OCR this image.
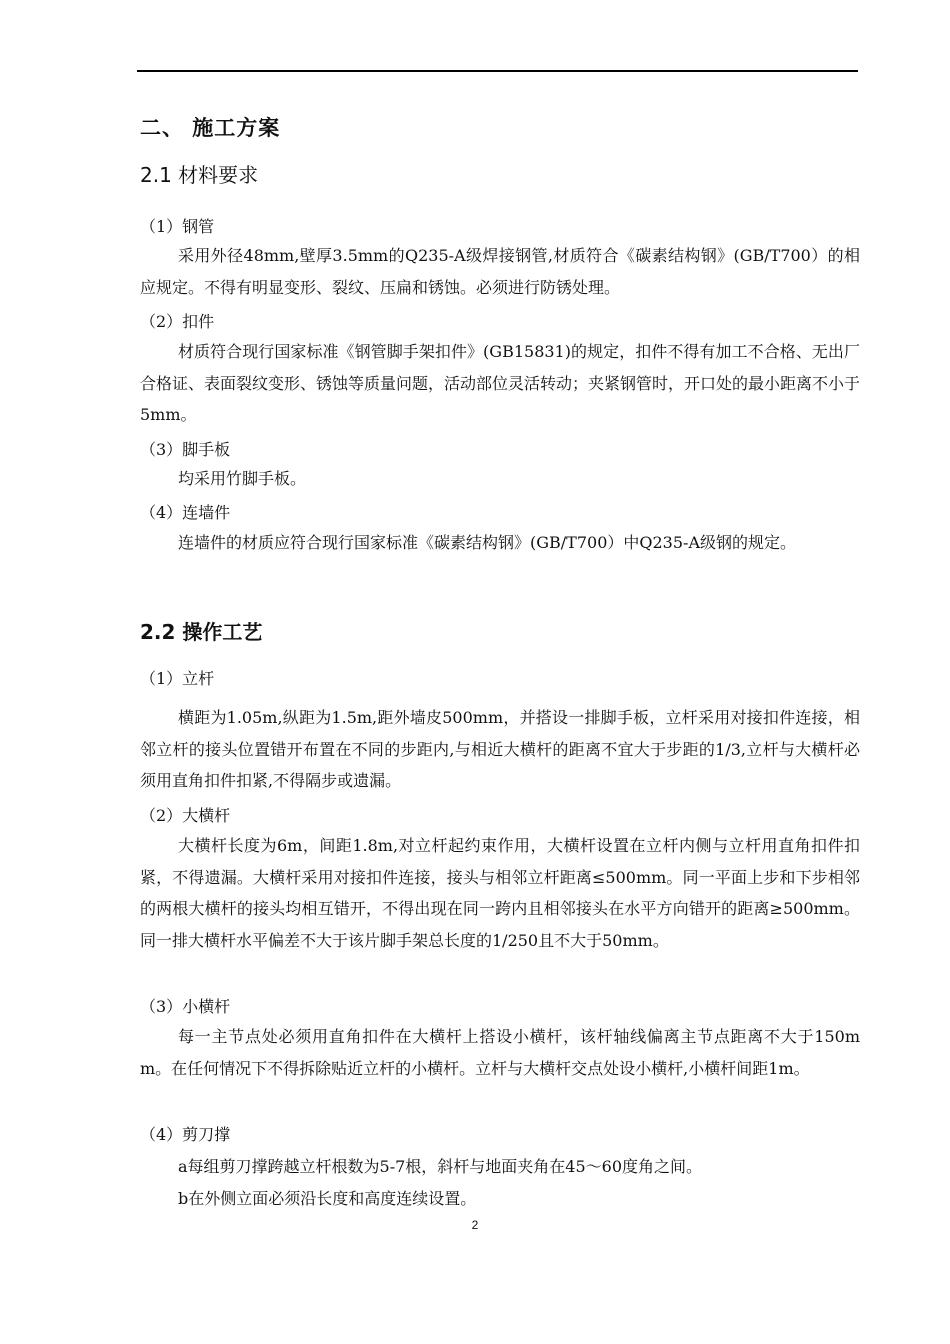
二、 施工方案
2.1 材料要求
（1）钢管
采用外径48mm,壁厚3.5mm的Q235-A级焊接钢管,材质符合《碳素结构钢》(GB/T700）的相应规定。不得有明显变形、裂纹、压扁和锈蚀。必须进行防锈处理。
（2）扣件
材质符合现行国家标准《钢管脚手架扣件》(GB15831)的规定，扣件不得有加工不合格、无出厂合格证、表面裂纹变形、锈蚀等质量问题，活动部位灵活转动；夹紧钢管时，开口处的最小距离不小于5mm。
（3）脚手板
均采用竹脚手板。
（4）连墙件
连墙件的材质应符合现行国家标准《碳素结构钢》(GB/T700）中Q235-A级钢的规定。
2.2 操作工艺
（1）立杆
横距为1.05m,纵距为1.5m,距外墙皮500mm，并搭设一排脚手板，立杆采用对接扣件连接，相邻立杆的接头位置错开布置在不同的步距内,与相近大横杆的距离不宜大于步距的1/3,立杆与大横杆必须用直角扣件扣紧,不得隔步或遗漏。
（2）大横杆
大横杆长度为6m，间距1.8m,对立杆起约束作用，大横杆设置在立杆内侧与立杆用直角扣件扣紧，不得遗漏。大横杆采用对接扣件连接，接头与相邻立杆距离≤500mm。同一平面上步和下步相邻的两根大横杆的接头均相互错开，不得出现在同一跨内且相邻接头在水平方向错开的距离≥500mm。同一排大横杆水平偏差不大于该片脚手架总长度的1/250且不大于50mm。
（3）小横杆
每一主节点处必须用直角扣件在大横杆上搭设小横杆，该杆轴线偏离主节点距离不大于150mm。在任何情况下不得拆除贴近立杆的小横杆。立杆与大横杆交点处设小横杆,小横杆间距1m。
（4）剪刀撑
a每组剪刀撑跨越立杆根数为5-7根，斜杆与地面夹角在45～60度角之间。
b在外侧立面必须沿长度和高度连续设置。
2
